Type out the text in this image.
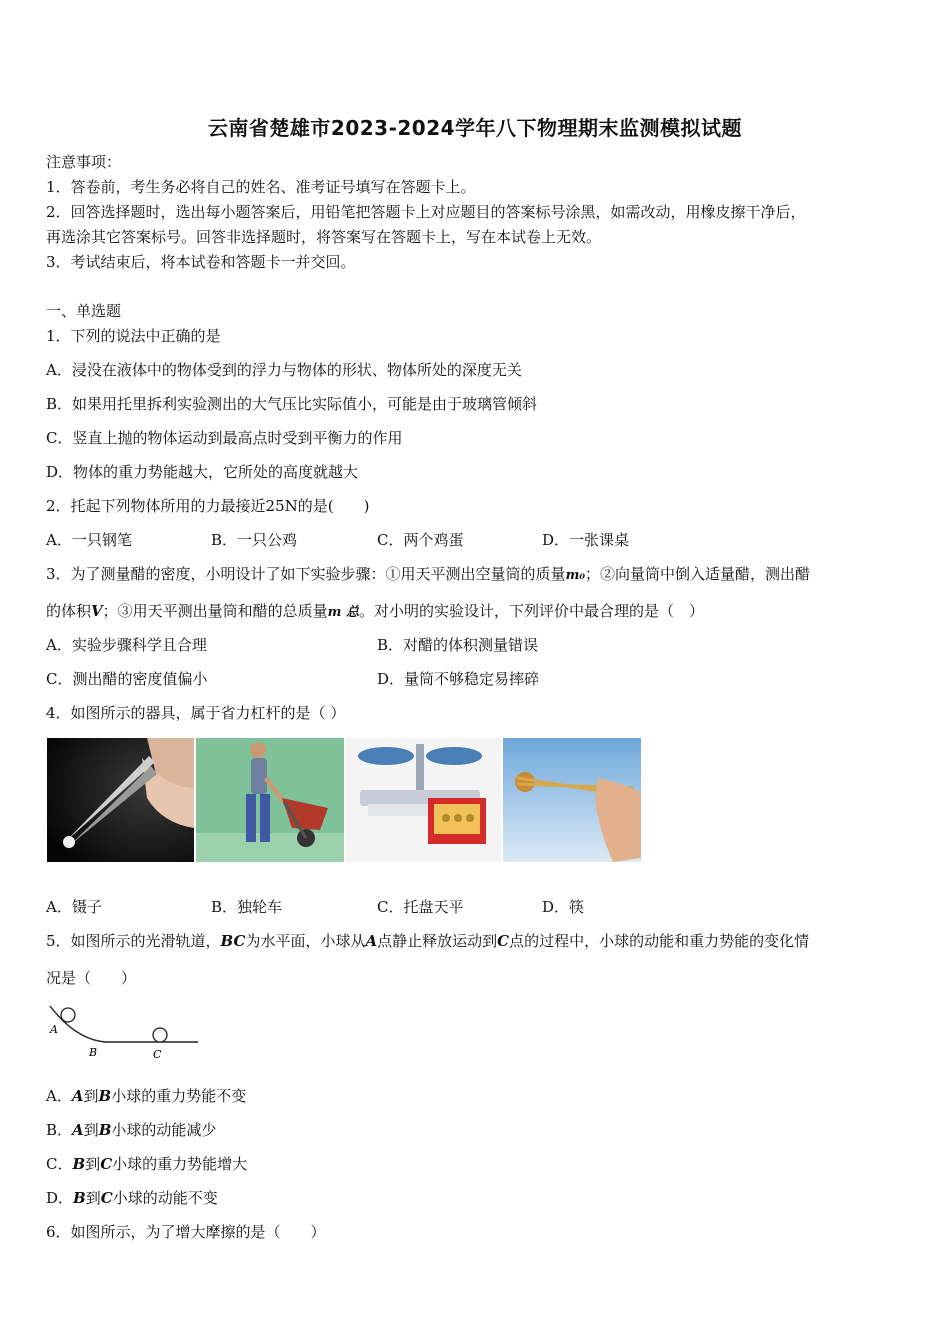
云南省楚雄市2023-2024学年八下物理期末监测模拟试题
注意事项：
1．答卷前，考生务必将自己的姓名、准考证号填写在答题卡上。
2．回答选择题时，选出每小题答案后，用铅笔把答题卡上对应题目的答案标号涂黑，如需改动，用橡皮擦干净后，
再选涂其它答案标号。回答非选择题时，将答案写在答题卡上，写在本试卷上无效。
3．考试结束后，将本试卷和答题卡一并交回。
一、单选题
1．下列的说法中正确的是
A．浸没在液体中的物体受到的浮力与物体的形状、物体所处的深度无关
B．如果用托里拆利实验测出的大气压比实际值小，可能是由于玻璃管倾斜
C．竖直上抛的物体运动到最高点时受到平衡力的作用
D．物体的重力势能越大，它所处的高度就越大
2．托起下列物体所用的力最接近25N的是(　　)
A．一只钢笔	B．一只公鸡	C．两个鸡蛋	D．一张课桌
3．为了测量醋的密度，小明设计了如下实验步骤：①用天平测出空量筒的质量m₀；②向量筒中倒入适量醋，测出醋
的体积V；③用天平测出量筒和醋的总质量m 总。对小明的实验设计，下列评价中最合理的是（　）
A．实验步骤科学且合理	B．对醋的体积测量错误
C．测出醋的密度值偏小	D．量筒不够稳定易摔碎
4．如图所示的器具，属于省力杠杆的是（ ）
A．镊子	B．独轮车	C．托盘天平	D．筷
5．如图所示的光滑轨道，BC为水平面，小球从A点静止释放运动到C点的过程中，小球的动能和重力势能的变化情
况是（　　）
A
B	C
A．A到B小球的重力势能不变
B．A到B小球的动能减少
C．B到C小球的重力势能增大
D．B到C小球的动能不变
6．如图所示，为了增大摩擦的是（　　）
